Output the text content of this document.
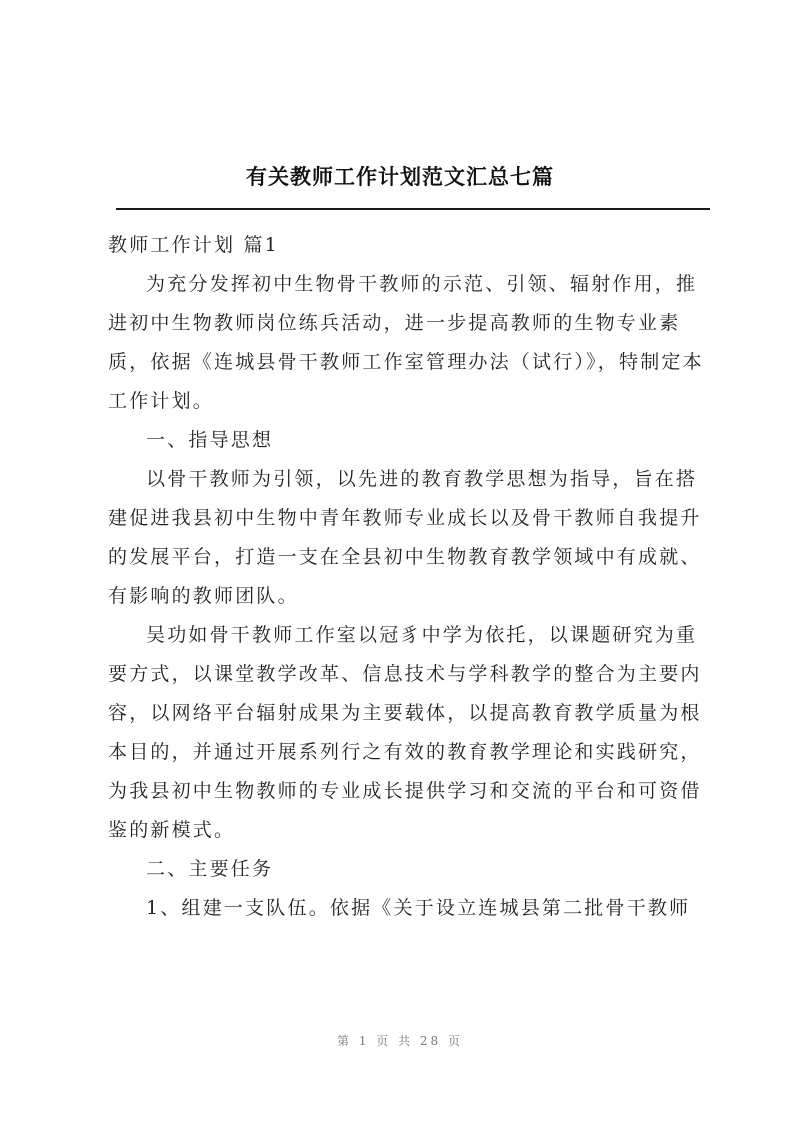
有关教师工作计划范文汇总七篇

教师工作计划 篇1

为充分发挥初中生物骨干教师的示范、引领、辐射作用，推进初中生物教师岗位练兵活动，进一步提高教师的生物专业素质，依据《连城县骨干教师工作室管理办法（试行）》，特制定本工作计划。

一、指导思想

以骨干教师为引领，以先进的教育教学思想为指导，旨在搭建促进我县初中生物中青年教师专业成长以及骨干教师自我提升的发展平台，打造一支在全县初中生物教育教学领域中有成就、有影响的教师团队。

吴功如骨干教师工作室以冠豸中学为依托，以课题研究为重要方式，以课堂教学改革、信息技术与学科教学的整合为主要内容，以网络平台辐射成果为主要载体，以提高教育教学质量为根本目的，并通过开展系列行之有效的教育教学理论和实践研究，为我县初中生物教师的专业成长提供学习和交流的平台和可资借鉴的新模式。

二、主要任务

1、组建一支队伍。依据《关于设立连城县第二批骨干教师

第 1 页 共 28 页
